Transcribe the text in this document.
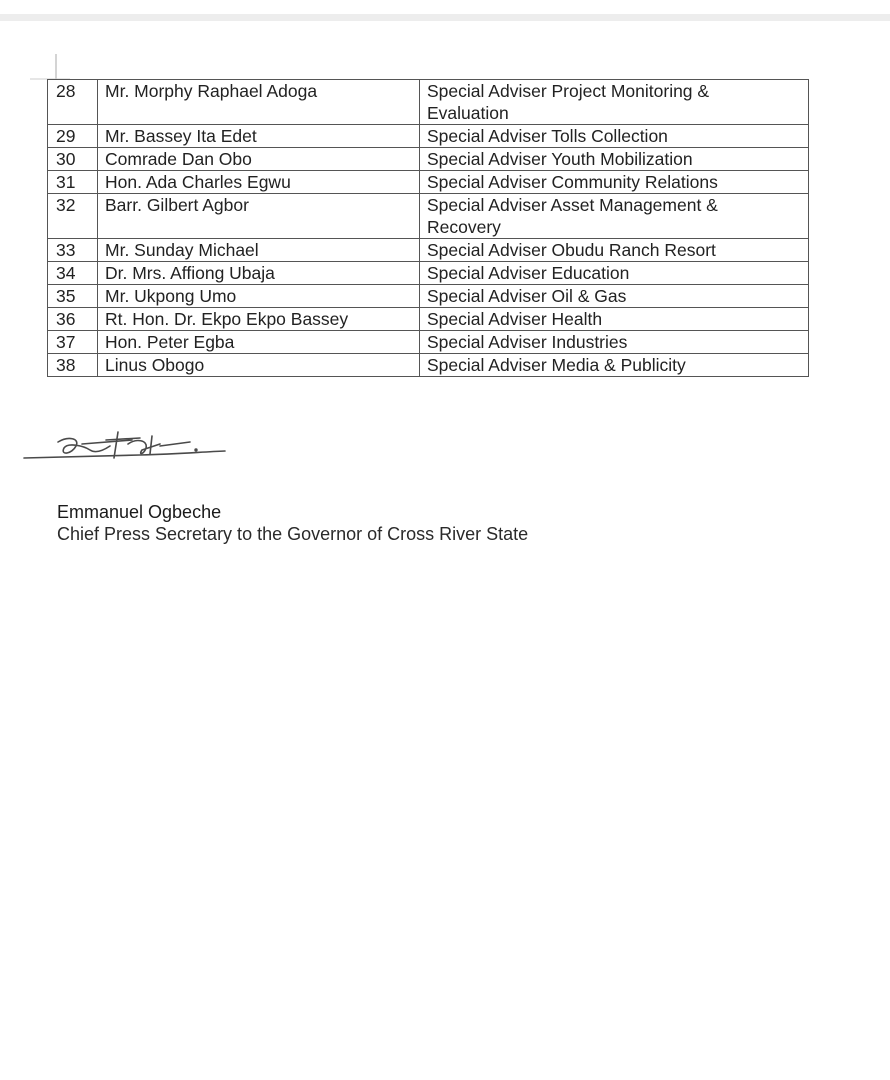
28	Mr. Morphy Raphael Adoga	Special Adviser Project Monitoring &
Evaluation
29	Mr. Bassey Ita Edet	Special Adviser Tolls Collection
30	Comrade Dan Obo	Special Adviser Youth Mobilization
31	Hon. Ada Charles Egwu	Special Adviser Community Relations
32	Barr. Gilbert Agbor	Special Adviser Asset Management &
Recovery
33	Mr. Sunday Michael	Special Adviser Obudu Ranch Resort
34	Dr. Mrs. Affiong Ubaja	Special Adviser Education
35	Mr. Ukpong Umo	Special Adviser Oil & Gas
36	Rt. Hon. Dr. Ekpo Ekpo Bassey	Special Adviser Health
37	Hon. Peter Egba	Special Adviser Industries
38	Linus Obogo	Special Adviser Media & Publicity
Emmanuel Ogbeche
Chief Press Secretary to the Governor of Cross River State
